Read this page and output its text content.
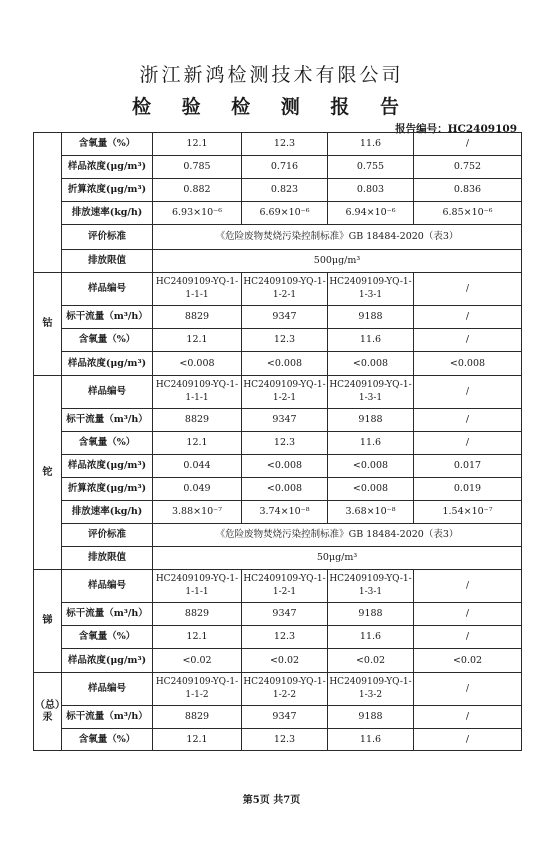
浙江新鸿检测技术有限公司
检 验 检 测 报 告
报告编号：HC2409109
	含氧量（%）	12.1	12.3	11.6	/
	样品浓度(μg/m³)	0.785	0.716	0.755	0.752
	折算浓度(μg/m³)	0.882	0.823	0.803	0.836
	排放速率(kg/h)	6.93×10⁻⁶	6.69×10⁻⁶	6.94×10⁻⁶	6.85×10⁻⁶
	评价标准	《危险废物焚烧污染控制标准》GB 18484-2020（表3）			
	排放限值	500μg/m³			
钴	样品编号	HC2409109-YQ-1-1-1-1	HC2409109-YQ-1-1-2-1	HC2409109-YQ-1-1-3-1	/
	标干流量（m³/h）	8829	9347	9188	/
	含氧量（%）	12.1	12.3	11.6	/
	样品浓度(μg/m³)	<0.008	<0.008	<0.008	<0.008
铊	样品编号	HC2409109-YQ-1-1-1-1	HC2409109-YQ-1-1-2-1	HC2409109-YQ-1-1-3-1	/
	标干流量（m³/h）	8829	9347	9188	/
	含氧量（%）	12.1	12.3	11.6	/
	样品浓度(μg/m³)	0.044	<0.008	<0.008	0.017
	折算浓度(μg/m³)	0.049	<0.008	<0.008	0.019
	排放速率(kg/h)	3.88×10⁻⁷	3.74×10⁻⁸	3.68×10⁻⁸	1.54×10⁻⁷
	评价标准	《危险废物焚烧污染控制标准》GB 18484-2020（表3）			
	排放限值	50μg/m³			
锑	样品编号	HC2409109-YQ-1-1-1-1	HC2409109-YQ-1-1-2-1	HC2409109-YQ-1-1-3-1	/
	标干流量（m³/h）	8829	9347	9188	/
	含氧量（%）	12.1	12.3	11.6	/
	样品浓度(μg/m³)	<0.02	<0.02	<0.02	<0.02
（总）汞	样品编号	HC2409109-YQ-1-1-1-2	HC2409109-YQ-1-1-2-2	HC2409109-YQ-1-1-3-2	/
	标干流量（m³/h）	8829	9347	9188	/
	含氧量（%）	12.1	12.3	11.6	/
第5页 共7页
